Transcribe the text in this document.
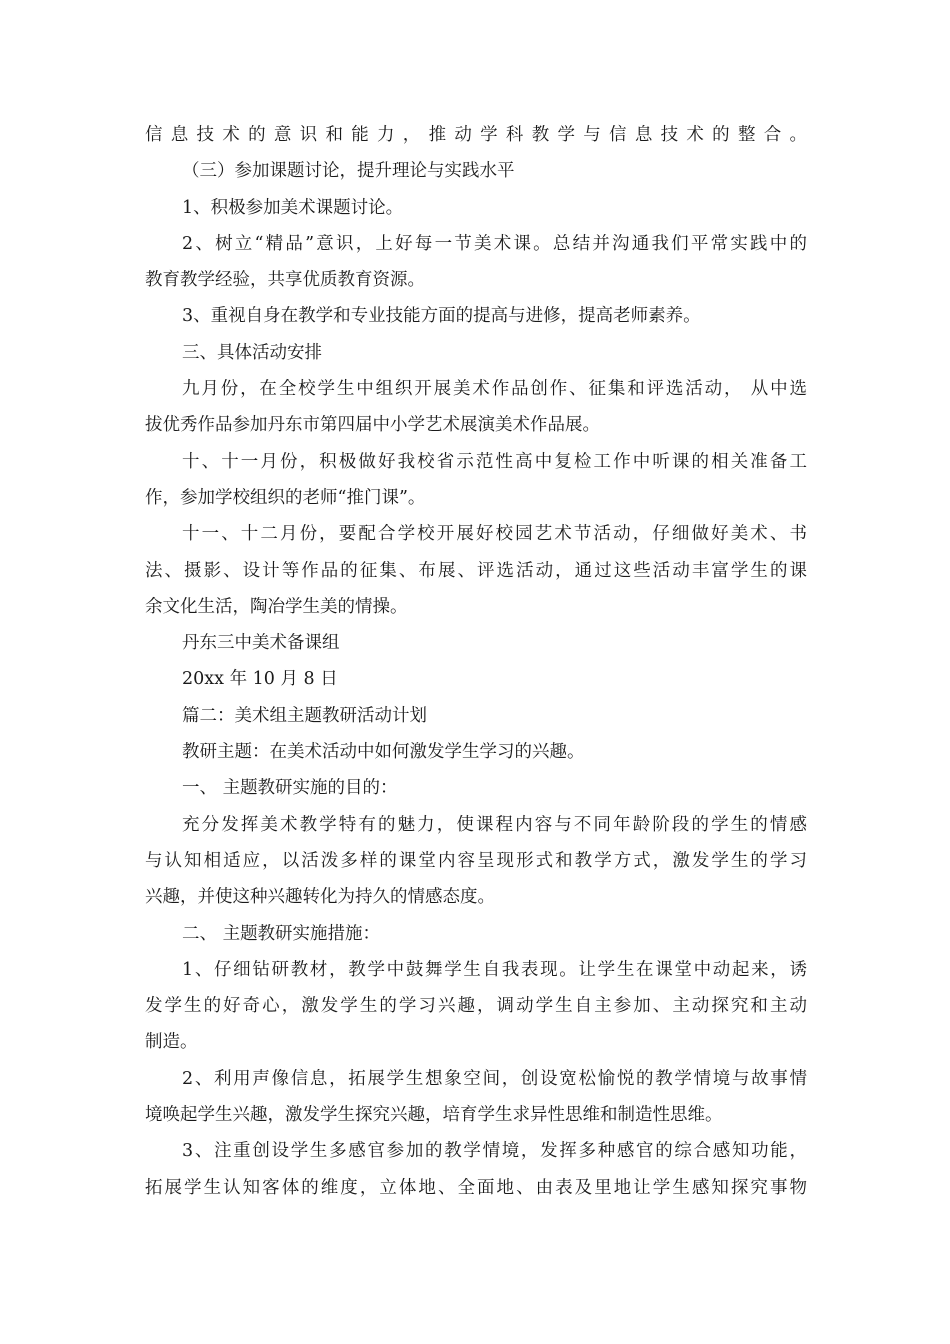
信息技术的意识和能力，推动学科教学与信息技术的整合。
（三）参加课题讨论，提升理论与实践水平
1、积极参加美术课题讨论。
2、树立“精品”意识，上好每一节美术课。总结并沟通我们平常实践中的
教育教学经验，共享优质教育资源。
3、重视自身在教学和专业技能方面的提高与进修，提高老师素养。
三、具体活动安排
九月份，在全校学生中组织开展美术作品创作、征集和评选活动， 从中选
拔优秀作品参加丹东市第四届中小学艺术展演美术作品展。
十、十一月份，积极做好我校省示范性高中复检工作中听课的相关准备工
作，参加学校组织的老师“推门课”。
十一、十二月份，要配合学校开展好校园艺术节活动，仔细做好美术、书
法、摄影、设计等作品的征集、布展、评选活动，通过这些活动丰富学生的课
余文化生活，陶冶学生美的情操。
丹东三中美术备课组
20xx 年 10 月 8 日
篇二：美术组主题教研活动计划
教研主题：在美术活动中如何激发学生学习的兴趣。
一、 主题教研实施的目的：
充分发挥美术教学特有的魅力，使课程内容与不同年龄阶段的学生的情感
与认知相适应，以活泼多样的课堂内容呈现形式和教学方式，激发学生的学习
兴趣，并使这种兴趣转化为持久的情感态度。
二、 主题教研实施措施：
1、仔细钻研教材，教学中鼓舞学生自我表现。让学生在课堂中动起来，诱
发学生的好奇心，激发学生的学习兴趣，调动学生自主参加、主动探究和主动
制造。
2、利用声像信息，拓展学生想象空间，创设宽松愉悦的教学情境与故事情
境唤起学生兴趣，激发学生探究兴趣，培育学生求异性思维和制造性思维。
3、注重创设学生多感官参加的教学情境，发挥多种感官的综合感知功能，
拓展学生认知客体的维度，立体地、全面地、由表及里地让学生感知探究事物
